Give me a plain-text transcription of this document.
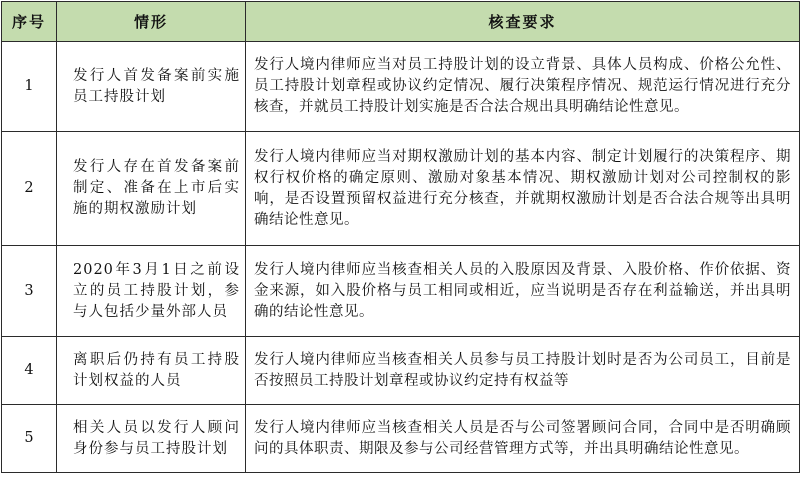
序号	情形	核查要求
1	发行人首发备案前实施员工持股计划	发行人境内律师应当对员工持股计划的设立背景、具体人员构成、价格公允性、员工持股计划章程或协议约定情况、履行决策程序情况、规范运行情况进行充分核查，并就员工持股计划实施是否合法合规出具明确结论性意见。
2	发行人存在首发备案前制定、准备在上市后实施的期权激励计划	发行人境内律师应当对期权激励计划的基本内容、制定计划履行的决策程序、期权行权价格的确定原则、激励对象基本情况、期权激励计划对公司控制权的影响，是否设置预留权益进行充分核查，并就期权激励计划是否合法合规等出具明确结论性意见。
3	2020年3月1日之前设立的员工持股计划，参与人包括少量外部人员	发行人境内律师应当核查相关人员的入股原因及背景、入股价格、作价依据、资金来源，如入股价格与员工相同或相近，应当说明是否存在利益输送，并出具明确的结论性意见。
4	离职后仍持有员工持股计划权益的人员	发行人境内律师应当核查相关人员参与员工持股计划时是否为公司员工，目前是否按照员工持股计划章程或协议约定持有权益等
5	相关人员以发行人顾问身份参与员工持股计划	发行人境内律师应当核查相关人员是否与公司签署顾问合同，合同中是否明确顾问的具体职责、期限及参与公司经营管理方式等，并出具明确结论性意见。
